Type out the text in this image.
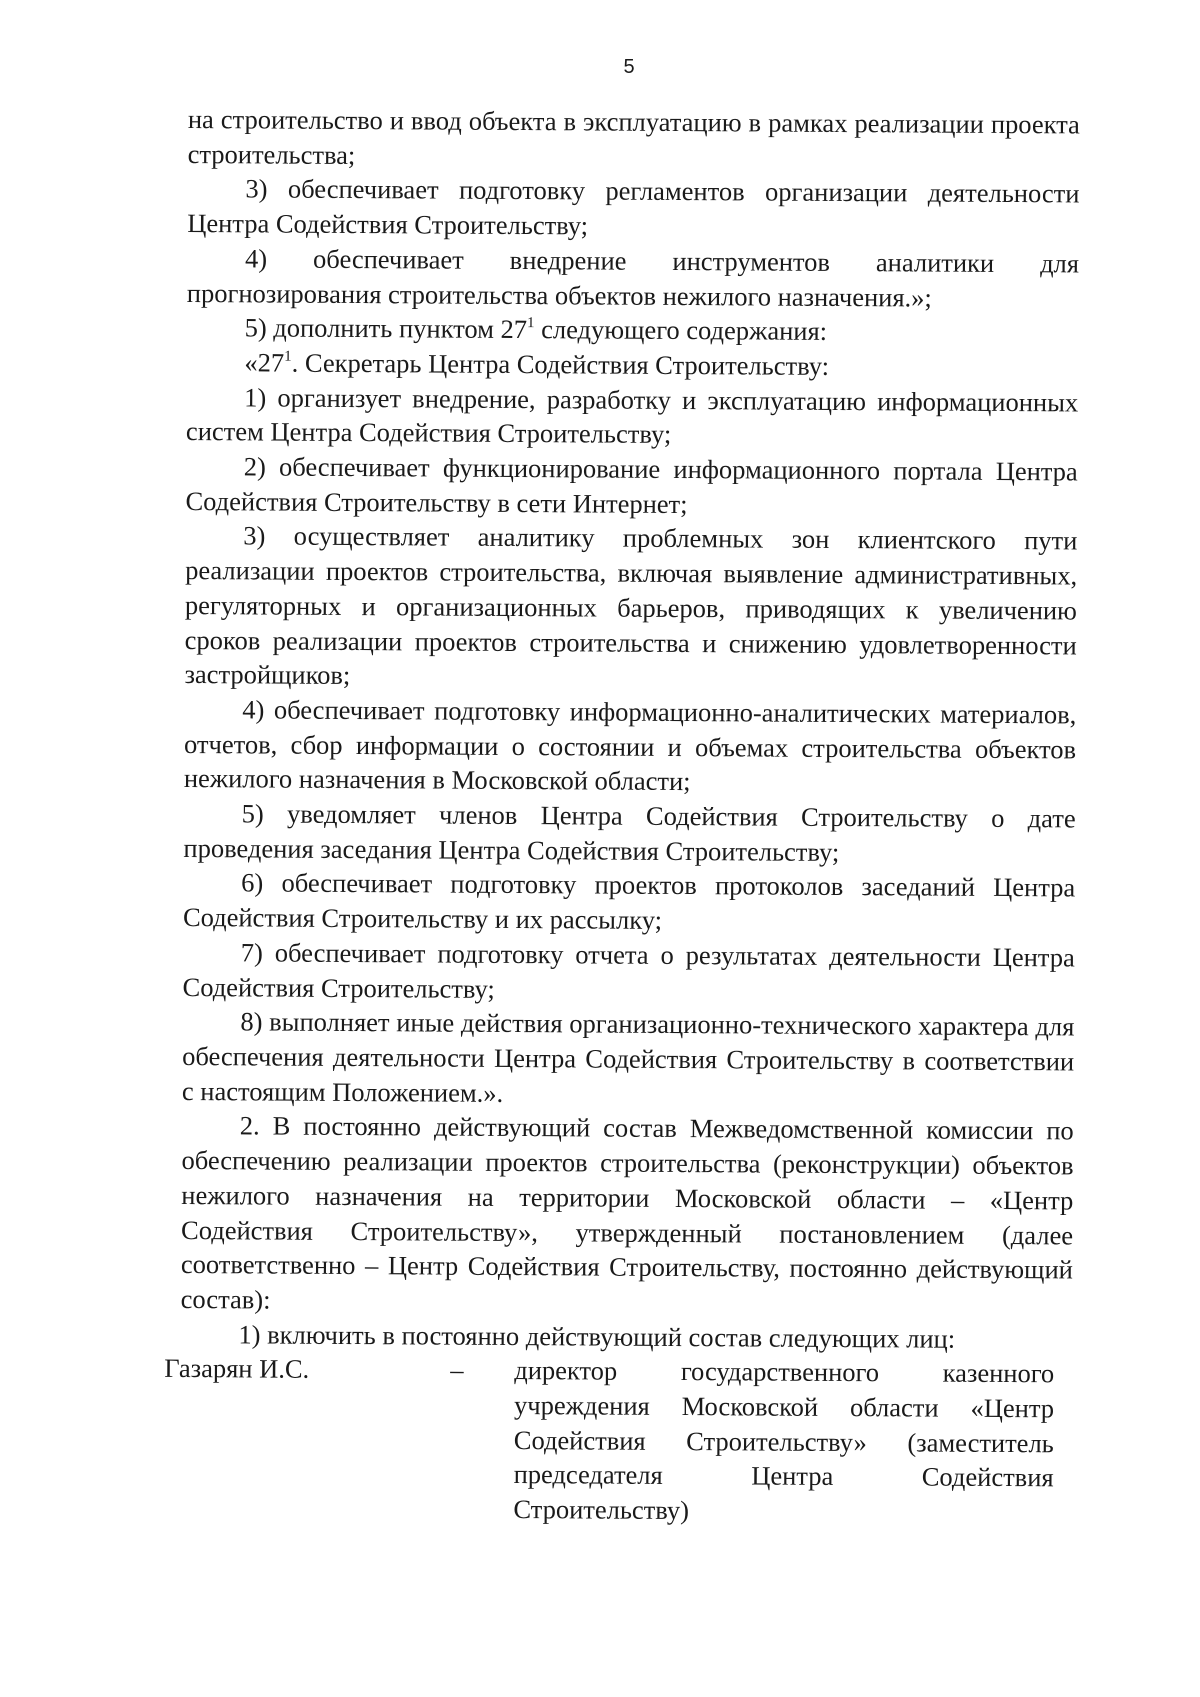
5

на строительство и ввод объекта в эксплуатацию в рамках реализации проекта строительства;

3) обеспечивает подготовку регламентов организации деятельности Центра Содействия Строительству;

4) обеспечивает внедрение инструментов аналитики для прогнозирования строительства объектов нежилого назначения.»;

5) дополнить пунктом $27^1$ следующего содержания:

«$27^1$. Секретарь Центра Содействия Строительству:

1) организует внедрение, разработку и эксплуатацию информационных систем Центра Содействия Строительству;

2) обеспечивает функционирование информационного портала Центра Содействия Строительству в сети Интернет;

3) осуществляет аналитику проблемных зон клиентского пути реализации проектов строительства, включая выявление административных, регуляторных и организационных барьеров, приводящих к увеличению сроков реализации проектов строительства и снижению удовлетворенности застройщиков;

4) обеспечивает подготовку информационно-аналитических материалов, отчетов, сбор информации о состоянии и объемах строительства объектов нежилого назначения в Московской области;

5) уведомляет членов Центра Содействия Строительству о дате проведения заседания Центра Содействия Строительству;

6) обеспечивает подготовку проектов протоколов заседаний Центра Содействия Строительству и их рассылку;

7) обеспечивает подготовку отчета о результатах деятельности Центра Содействия Строительству;

8) выполняет иные действия организационно-технического характера для обеспечения деятельности Центра Содействия Строительству в соответствии с настоящим Положением.».

2. В постоянно действующий состав Межведомственной комиссии по обеспечению реализации проектов строительства (реконструкции) объектов нежилого назначения на территории Московской области – «Центр Содействия Строительству», утвержденный постановлением (далее соответственно – Центр Содействия Строительству, постоянно действующий состав):

1) включить в постоянно действующий состав следующих лиц:

Газарян И.С.	– директор государственного казенного учреждения Московской области «Центр Содействия Строительству» (заместитель председателя Центра Содействия Строительству)
